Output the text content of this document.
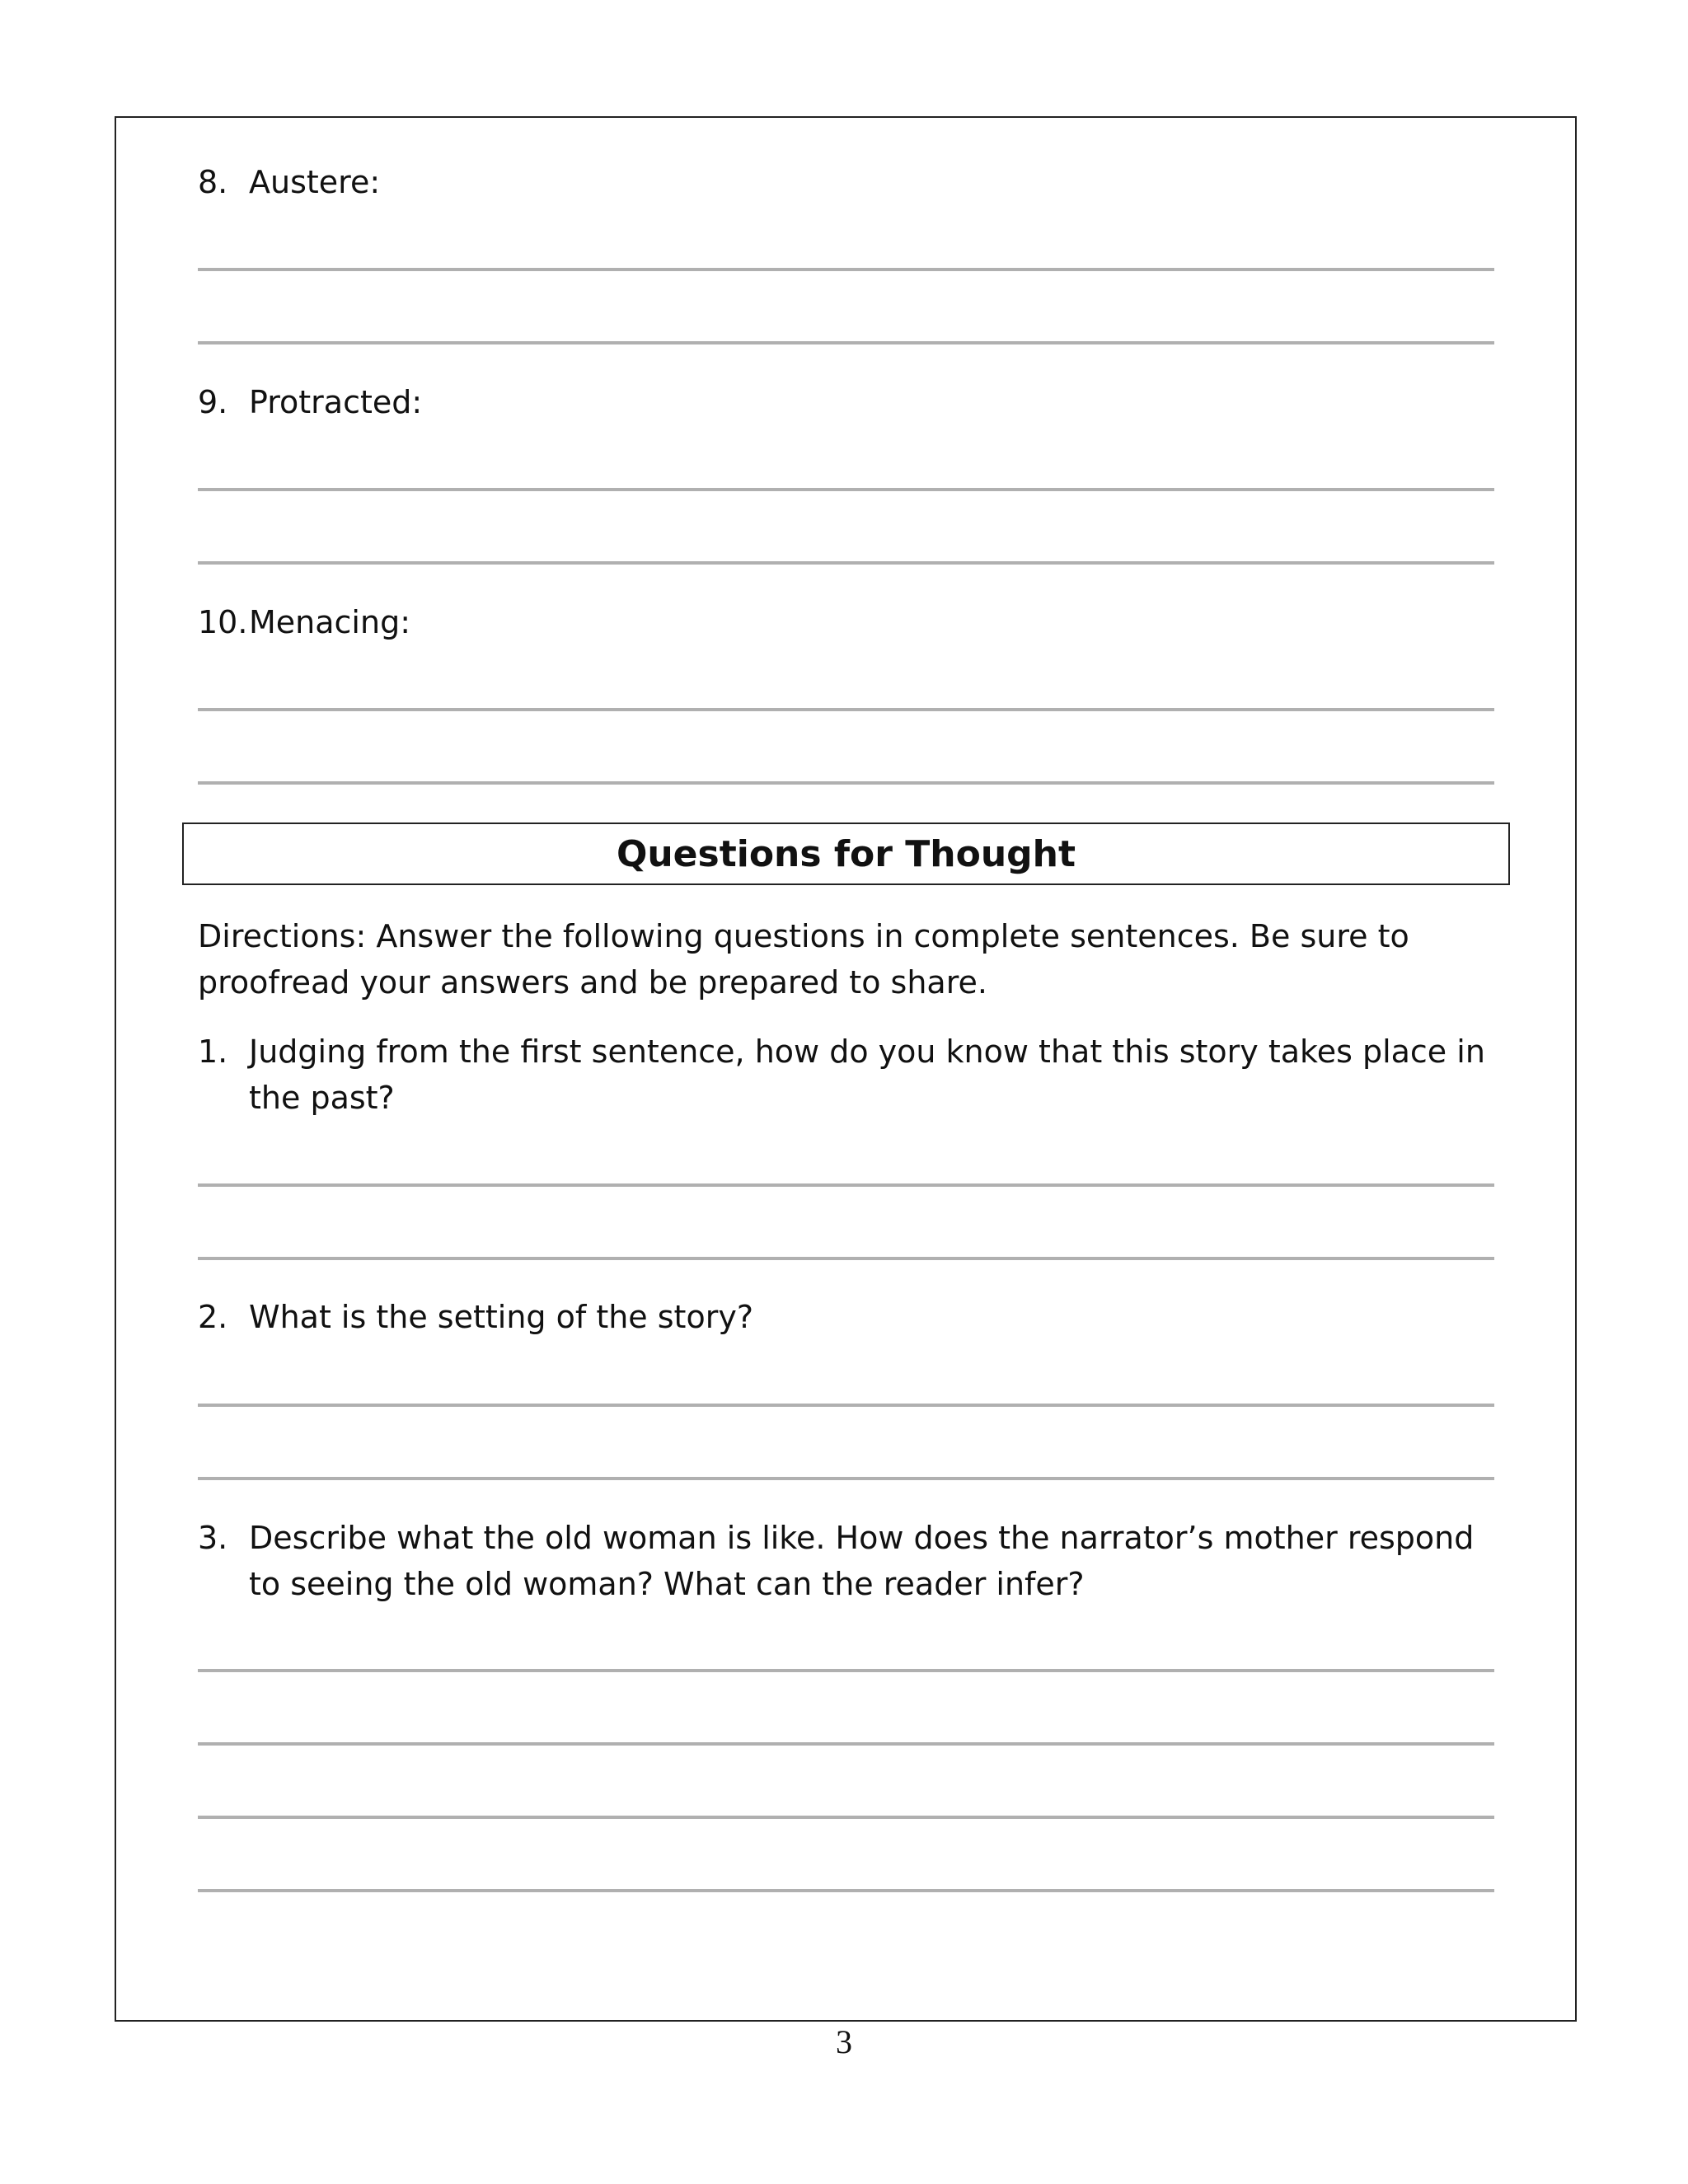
8. Austere:
9. Protracted:
10. Menacing:
Questions for Thought
Directions: Answer the following questions in complete sentences. Be sure to proofread your answers and be prepared to share.
1. Judging from the first sentence, how do you know that this story takes place in the past?
2. What is the setting of the story?
3. Describe what the old woman is like. How does the narrator’s mother respond to seeing the old woman? What can the reader infer?
3
